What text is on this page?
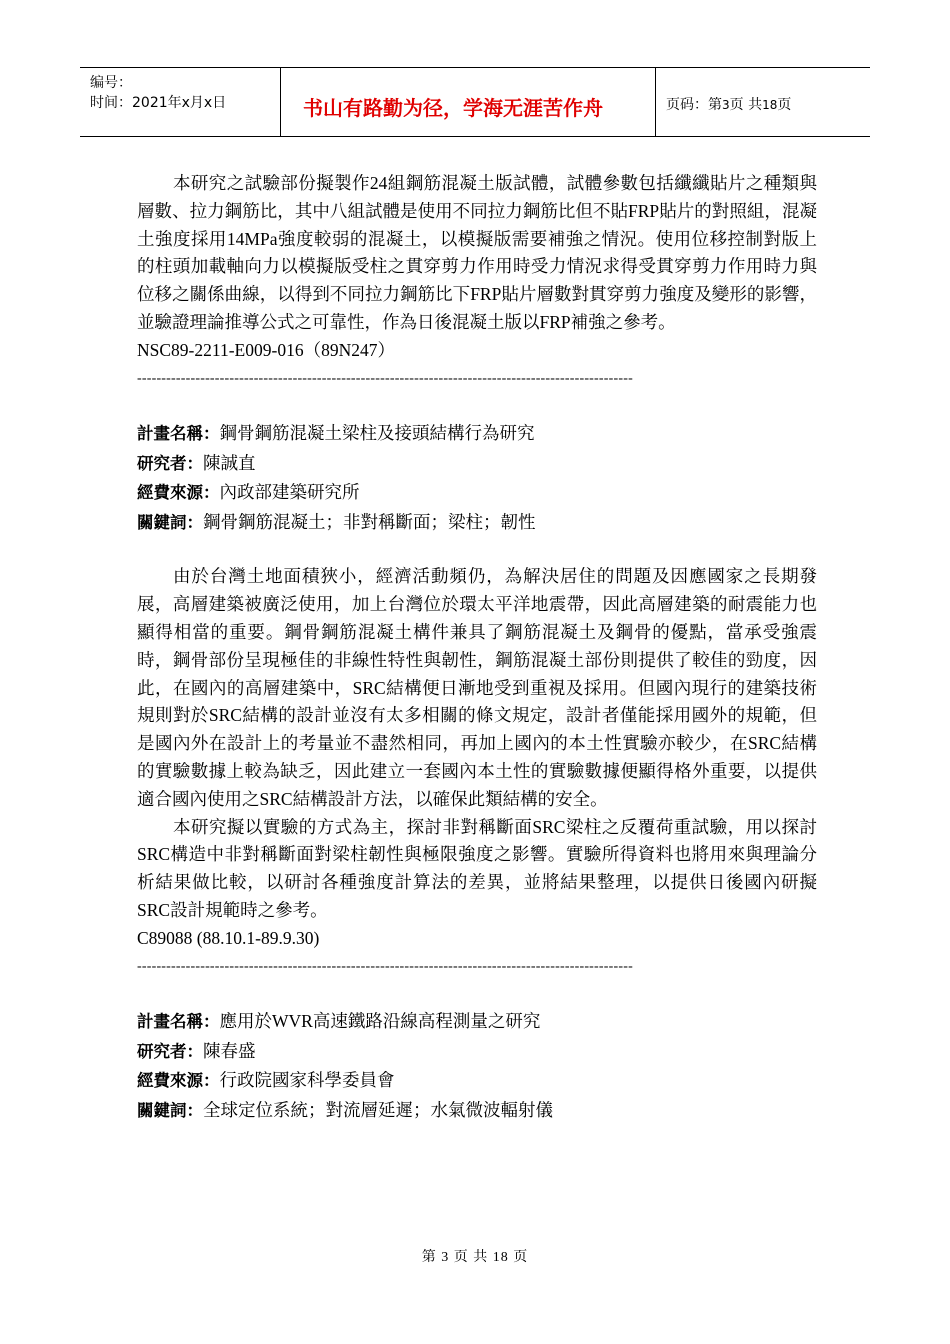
编号：
时间：2021年x月x日	书山有路勤为径，学海无涯苦作舟	页码：第3页 共18页

本研究之試驗部份擬製作24組鋼筋混凝土版試體，試體參數包括纖纖貼片之種類與層數、拉力鋼筋比，其中八組試體是使用不同拉力鋼筋比但不貼FRP貼片的對照組，混凝土強度採用14MPa強度較弱的混凝土，以模擬版需要補強之情況。使用位移控制對版上的柱頭加載軸向力以模擬版受柱之貫穿剪力作用時受力情況求得受貫穿剪力作用時力與位移之關係曲線，以得到不同拉力鋼筋比下FRP貼片層數對貫穿剪力強度及變形的影響，並驗證理論推導公式之可靠性，作為日後混凝土版以FRP補強之參考。

NSC89-2211-E009-016（89N247）

------------------------------------------------------------------------------------------------------

計畫名稱：鋼骨鋼筋混凝土梁柱及接頭結構行為研究

研究者：陳誠直

經費來源：內政部建築研究所

關鍵詞：鋼骨鋼筋混凝土；非對稱斷面；梁柱；韌性

由於台灣土地面積狹小，經濟活動頻仍，為解決居住的問題及因應國家之長期發展，高層建築被廣泛使用，加上台灣位於環太平洋地震帶，因此高層建築的耐震能力也顯得相當的重要。鋼骨鋼筋混凝土構件兼具了鋼筋混凝土及鋼骨的優點，當承受強震時，鋼骨部份呈現極佳的非線性特性與韌性，鋼筋混凝土部份則提供了較佳的勁度，因此，在國內的高層建築中，SRC結構便日漸地受到重視及採用。但國內現行的建築技術規則對於SRC結構的設計並沒有太多相關的條文規定，設計者僅能採用國外的規範，但是國內外在設計上的考量並不盡然相同，再加上國內的本土性實驗亦較少，在SRC結構的實驗數據上較為缺乏，因此建立一套國內本土性的實驗數據便顯得格外重要，以提供適合國內使用之SRC結構設計方法，以確保此類結構的安全。

本研究擬以實驗的方式為主，探討非對稱斷面SRC梁柱之反覆荷重試驗，用以探討SRC構造中非對稱斷面對梁柱韌性與極限強度之影響。實驗所得資料也將用來與理論分析結果做比較，以研討各種強度計算法的差異，並將結果整理，以提供日後國內研擬SRC設計規範時之參考。

C89088 (88.10.1-89.9.30)

------------------------------------------------------------------------------------------------------

計畫名稱：應用於WVR高速鐵路沿線高程測量之研究

研究者：陳春盛

經費來源：行政院國家科學委員會

關鍵詞：全球定位系統；對流層延遲；水氣微波輻射儀

第 3 页 共 18 页
